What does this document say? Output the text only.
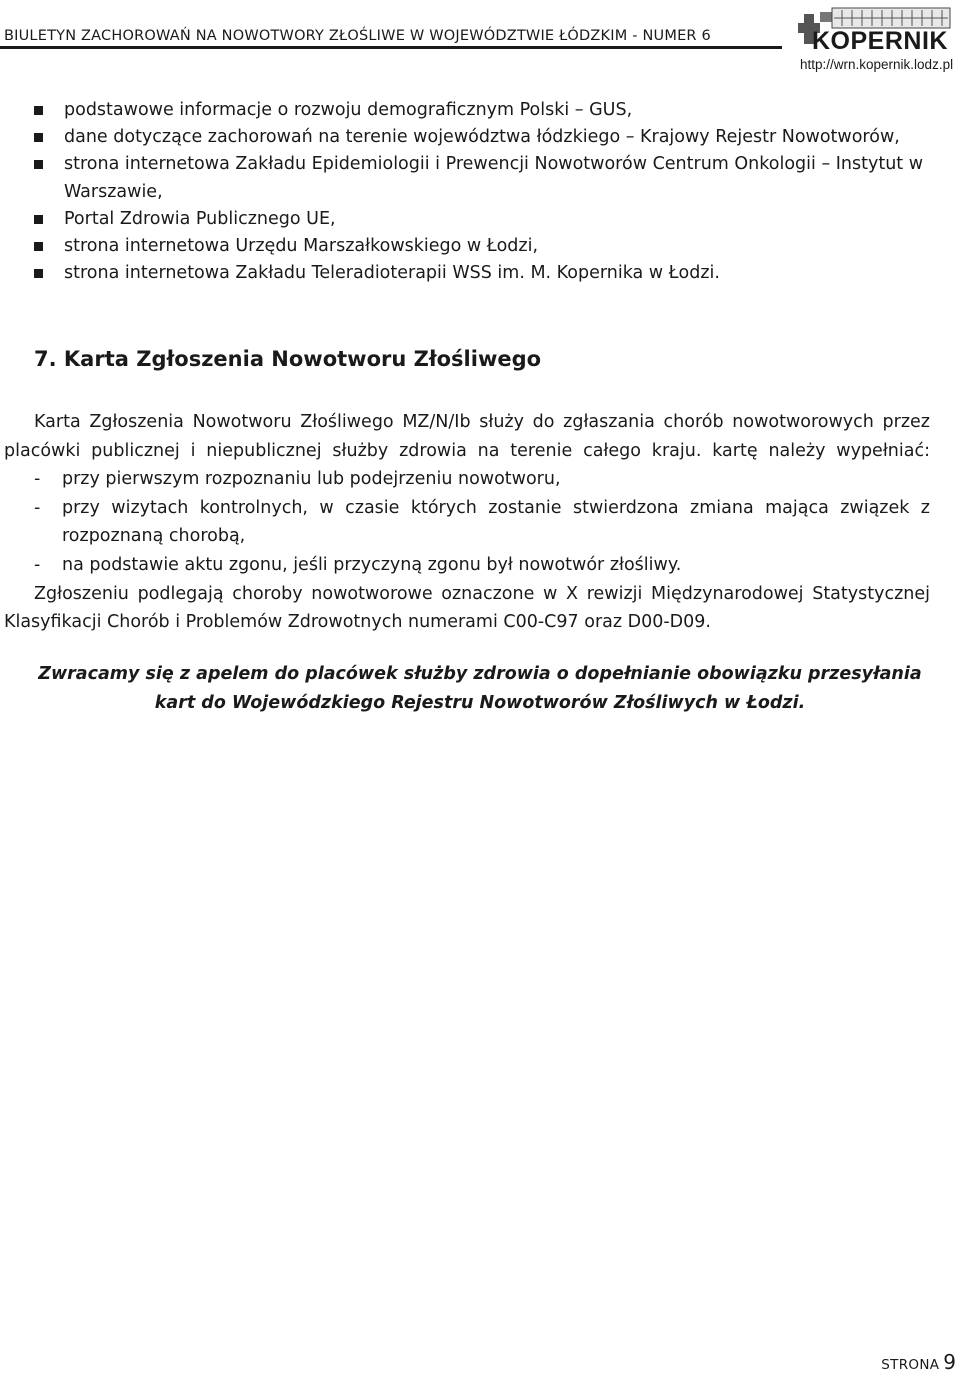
BIULETYN ZACHOROWAŃ NA NOWOTWORY ZŁOŚLIWE W WOJEWÓDZTWIE ŁÓDZKIM - NUMER 6	KOPERNIK
http://wrn.kopernik.lodz.pl
podstawowe informacje o rozwoju demograficznym Polski – GUS,
dane dotyczące zachorowań na terenie województwa łódzkiego – Krajowy Rejestr Nowotworów,
strona internetowa Zakładu Epidemiologii i Prewencji Nowotworów Centrum Onkologii – Instytut w Warszawie,
Portal Zdrowia Publicznego UE,
strona internetowa Urzędu Marszałkowskiego w Łodzi,
strona internetowa Zakładu Teleradioterapii WSS im. M. Kopernika w Łodzi.
7. Karta Zgłoszenia Nowotworu Złośliwego

Karta Zgłoszenia Nowotworu Złośliwego MZ/N/Ib służy do zgłaszania chorób nowotworowych przez placówki publicznej i niepublicznej służby zdrowia na terenie całego kraju. kartę należy wypełniać:

- przy pierwszym rozpoznaniu lub podejrzeniu nowotworu,
- przy wizytach kontrolnych, w czasie których zostanie stwierdzona zmiana mająca związek z rozpoznaną chorobą,
- na podstawie aktu zgonu, jeśli przyczyną zgonu był nowotwór złośliwy.

Zgłoszeniu podlegają choroby nowotworowe oznaczone w X rewizji Międzynarodowej Statystycznej Klasyfikacji Chorób i Problemów Zdrowotnych numerami C00-C97 oraz D00-D09.

Zwracamy się z apelem do placówek służby zdrowia o dopełnianie obowiązku przesyłania kart do Wojewódzkiego Rejestru Nowotworów Złośliwych w Łodzi.

STRONA 9
